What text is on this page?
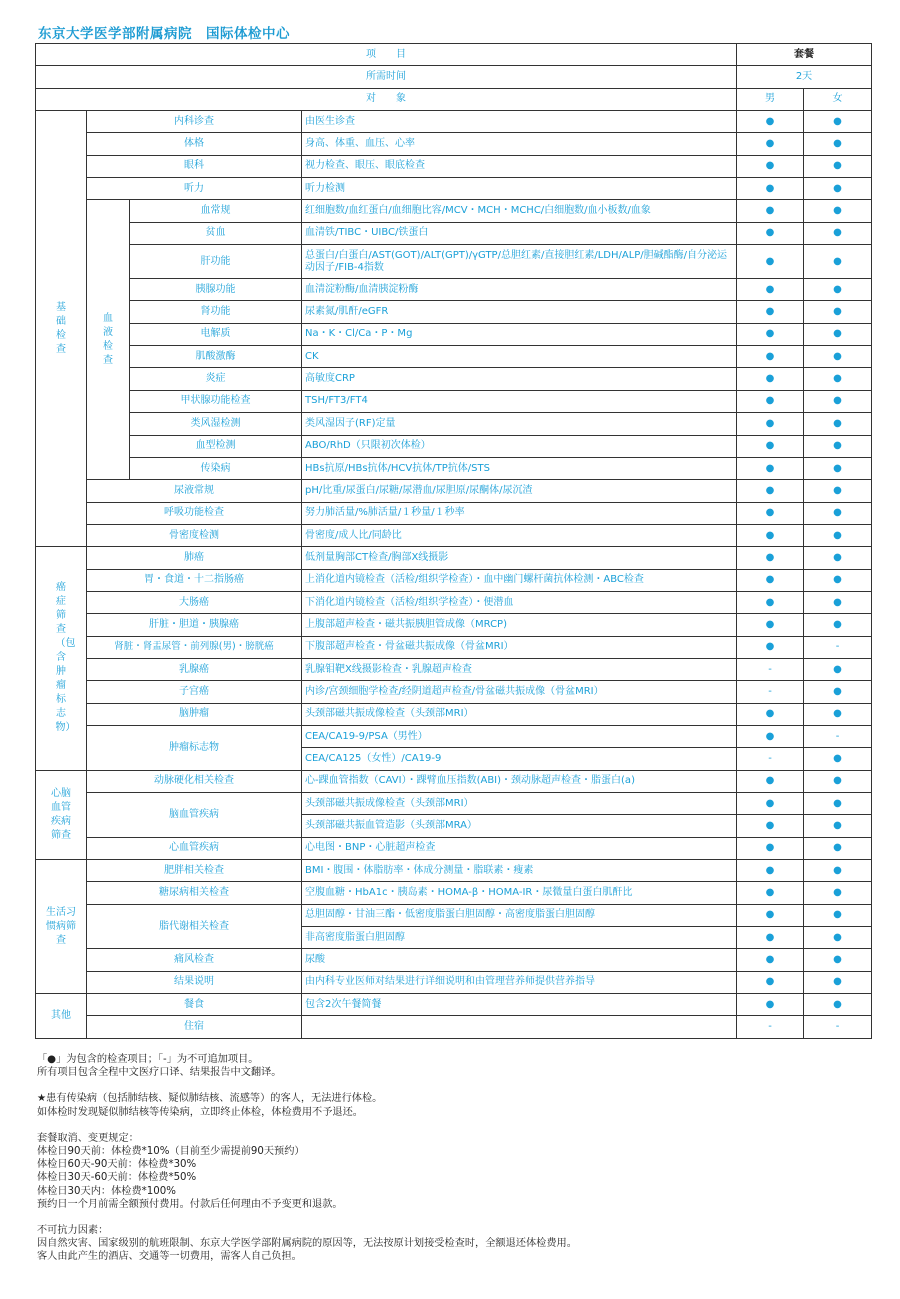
东京大学医学部附属病院　国际体检中心
项　　目				套餐	
所需时间				2天	
对　　象				男	女
基础检查	内科诊查		由医生诊查	●	●
	体格		身高、体重、血压、心率	●	●
	眼科		视力检查、眼压、眼底检查	●	●
	听力		听力检测	●	●
	血液检查	血常规	红细胞数/血红蛋白/血细胞比容/MCV・MCH・MCHC/白细胞数/血小板数/血象	●	●
		贫血	血清铁/TIBC・UIBC/铁蛋白	●	●
		肝功能	总蛋白/白蛋白/AST(GOT)/ALT(GPT)/γGTP/总胆红素/直接胆红素/LDH/ALP/胆碱酯酶/自分泌运动因子/FIB-4指数	●	●
		胰腺功能	血清淀粉酶/血清胰淀粉酶	●	●
		肾功能	尿素氮/肌酐/eGFR	●	●
		电解质	Na・K・Cl/Ca・P・Mg	●	●
		肌酸激酶	CK	●	●
		炎症	高敏度CRP	●	●
		甲状腺功能检查	TSH/FT3/FT4	●	●
		类风湿检测	类风湿因子(RF)定量	●	●
		血型检测	ABO/RhD（只限初次体检）	●	●
		传染病	HBs抗原/HBs抗体/HCV抗体/TP抗体/STS	●	●
	尿液常规		pH/比重/尿蛋白/尿糖/尿潜血/尿胆原/尿酮体/尿沉渣	●	●
	呼吸功能检查		努力肺活量/%肺活量/１秒量/１秒率	●	●
	骨密度检测		骨密度/成人比/同龄比	●	●
癌症筛查（包含肿瘤标志物）	肺癌		低剂量胸部CT检查/胸部X线摄影	●	●
	胃・食道・十二指肠癌		上消化道内镜检查（活检/组织学检查）・血中幽门螺杆菌抗体检测・ABC检查	●	●
	大肠癌		下消化道内镜检查（活检/组织学检查）・便潜血	●	●
	肝脏・胆道・胰腺癌		上腹部超声检查・磁共振胰胆管成像（MRCP)	●	●
	肾脏・肾盂尿管・前列腺(男)・膀胱癌		下腹部超声检查・骨盆磁共振成像（骨盆MRI）	●	-
	乳腺癌		乳腺钼靶X线摄影检查・乳腺超声检查	-	●
	子宫癌		内诊/宫颈细胞学检查/经阴道超声检查/骨盆磁共振成像（骨盆MRI）	-	●
	脑肿瘤		头颈部磁共振成像检查（头颈部MRI）	●	●
	肿瘤标志物		CEA/CA19-9/PSA（男性）	●	-
			CEA/CA125（女性）/CA19-9	-	●
心脑血管疾病筛查	动脉硬化相关检查		心-踝血管指数（CAVI）・踝臂血压指数(ABI)・颈动脉超声检查・脂蛋白(a)	●	●
	脑血管疾病		头颈部磁共振成像检查（头颈部MRI）	●	●
			头颈部磁共振血管造影（头颈部MRA）	●	●
	心血管疾病		心电图・BNP・心脏超声检查	●	●
生活习惯病筛查	肥胖相关检查		BMI・腹围・体脂肪率・体成分测量・脂联素・瘦素	●	●
	糖尿病相关检查		空腹血糖・HbA1c・胰岛素・HOMA-β・HOMA-IR・尿微量白蛋白肌酐比	●	●
	脂代谢相关检查		总胆固醇・甘油三酯・低密度脂蛋白胆固醇・高密度脂蛋白胆固醇	●	●
			非高密度脂蛋白胆固醇	●	●
	痛风检查		尿酸	●	●
	结果说明		由内科专业医师对结果进行详细说明和由管理营养师提供营养指导	●	●
其他	餐食		包含2次午餐简餐	●	●
	住宿			-	-

「●」为包含的检查项目；「-」为不可追加项目。

所有项目包含全程中文医疗口译、结果报告中文翻译。

★患有传染病（包括肺结核、疑似肺结核、流感等）的客人，无法进行体检。

如体检时发现疑似肺结核等传染病，立即终止体检，体检费用不予退还。

套餐取消、变更规定：

体检日90天前：体检费*10%（目前至少需提前90天预约）

体检日60天-90天前：体检费*30%

体检日30天-60天前：体检费*50%

体检日30天内：体检费*100%

预约日一个月前需全额预付费用。付款后任何理由不予变更和退款。

不可抗力因素：

因自然灾害、国家级别的航班限制、东京大学医学部附属病院的原因等，无法按原计划接受检查时，全额退还体检费用。

客人由此产生的酒店、交通等一切费用，需客人自己负担。
